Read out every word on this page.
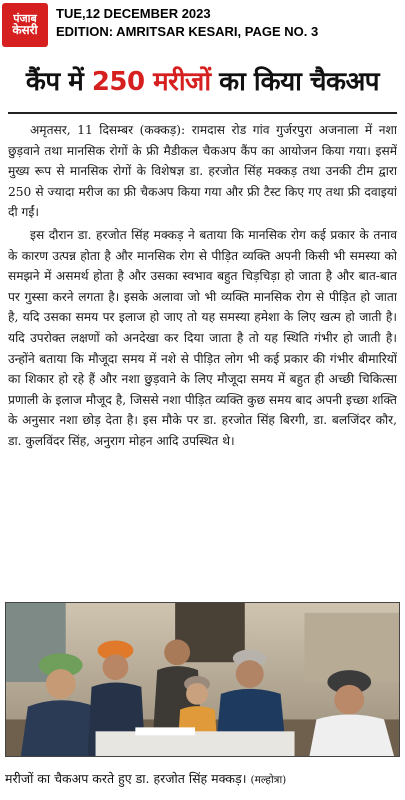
पंजाब
केसरी
TUE,12 DECEMBER 2023
EDITION: AMRITSAR KESARI, PAGE NO. 3
कैंप में 250 मरीजों का किया चैकअप

अमृतसर, 11 दिसम्बर (कक्कड़): रामदास रोड गांव गुर्जरपुरा अजनाला में नशा छुड़वाने तथा मानसिक रोगों के फ्री मैडीकल चैकअप कैंप का आयोजन किया गया। इसमें मुख्य रूप से मानसिक रोगों के विशेषज्ञ डा. हरजोत सिंह मक्कड़ तथा उनकी टीम द्वारा 250 से ज्यादा मरीज का फ्री चैकअप किया गया और फ्री टैस्ट किए गए तथा फ्री दवाइयां दी गईं।

इस दौरान डा. हरजोत सिंह मक्कड़ ने बताया कि मानसिक रोग कई प्रकार के तनाव के कारण उत्पन्न होता है और मानसिक रोग से पीड़ित व्यक्ति अपनी किसी भी समस्या को समझने में असमर्थ होता है और उसका स्वभाव बहुत चिड़चिड़ा हो जाता है और बात-बात पर गुस्सा करने लगता है। इसके अलावा जो भी व्यक्ति मानसिक रोग से पीड़ित हो जाता है, यदि उसका समय पर इलाज हो जाए तो यह समस्या हमेशा के लिए खत्म हो जाती है। यदि उपरोक्त लक्षणों को अनदेखा कर दिया जाता है तो यह स्थिति गंभीर हो जाती है। उन्होंने बताया कि मौजूदा समय में नशे से पीड़ित लोग भी कई प्रकार की गंभीर बीमारियों का शिकार हो रहे हैं और नशा छुड़वाने के लिए मौजूदा समय में बहुत ही अच्छी चिकित्सा प्रणाली के इलाज मौजूद है, जिससे नशा पीड़ित व्यक्ति कुछ समय बाद अपनी इच्छा शक्ति के अनुसार नशा छोड़ देता है। इस मौके पर डा. हरजोत सिंह बिरगी, डा. बलजिंदर कौर, डा. कुलविंदर सिंह, अनुराग मोहन आदि उपस्थित थे।

मरीजों का चैकअप करते हुए डा. हरजोत सिंह मक्कड़। (मल्होत्रा)
